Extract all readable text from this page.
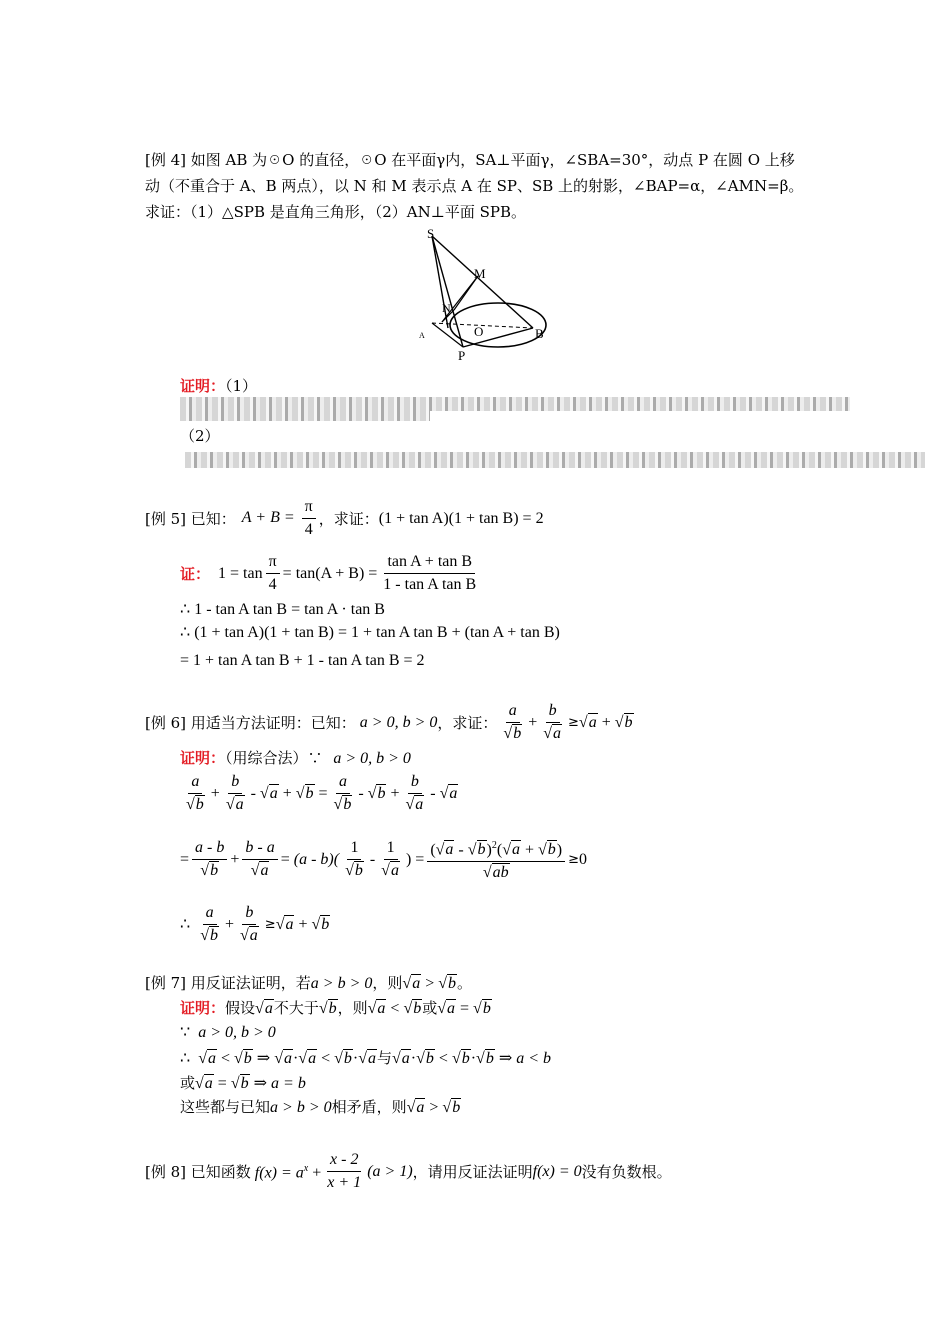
[例 4] 如图 AB 为☉O 的直径，☉O 在平面γ内，SA⊥平面γ，∠SBA=30°，动点 P 在圆 O 上移
动（不重合于 A、B 两点），以 N 和 M 表示点 A 在 SP、SB 上的射影，∠BAP=α，∠AMN=β。
求证：（1）△SPB 是直角三角形，（2）AN⊥平面 SPB。
S
M
N
O	B
P
A
证明：（1）
（2）
[例 5] 已知： $A + B = \frac{\pi}{4}$ ，求证： (1 + tan A)(1 + tan B) = 2
证： $1 = \tan \frac{\pi}{4} = \tan(A + B) = \frac{\text{tan A + tan B}}{\text{1 - tan A tan B}}$
∴ 1 - tan A tan B = tan A · tan B
∴ (1 + tan A)(1 + tan B) = 1 + tan A tan B + (tan A + tan B)
= 1 + tan A tan B + 1 - tan A tan B = 2
[例 6] 用适当方法证明：已知： a > 0, b > 0 ，求证： $\frac{a}{√b} + \frac{b}{√a} \ge √a + √b$
证明：（用综合法）∵ a > 0, b > 0
$\frac{a}{√b} + \frac{b}{√a}$ - √ a
+ √ b
= $\frac{a}{√b}$ - √ b
+ $\frac{b}{√a}$ - √ a
= $\frac{a - b}{√b} + \frac{b - a}{√a}$ =
$(a - b)( \frac{1}{√b} - \frac{1}{√a}$ )
= $\frac{(√a - √b)^2(√a + √b)}{√ab} \ge 0$
∴
$\frac{a}{√b} + \frac{b}{√a}$ ≥ √ a
+ √ b
[例 7] 用反证法证明，若a > b > 0，则√a > √b。
证明：假设√a不大于√b，则√a < √b或√a = √b
∵ a > 0, b > 0
∴  √a < √b ⇒ √a·√a < √b·√a与√a·√b < √b·√b ⇒ a < b
或√a = √b ⇒ a = b
这些都与已知a > b > 0相矛盾，则√a > √b
[例 8] 已知函数 $f(x) = a^x + \frac{x - 2}{x + 1} (a > 1)$ ，请用反证法证明 f(x) = 0 没有负数根。
